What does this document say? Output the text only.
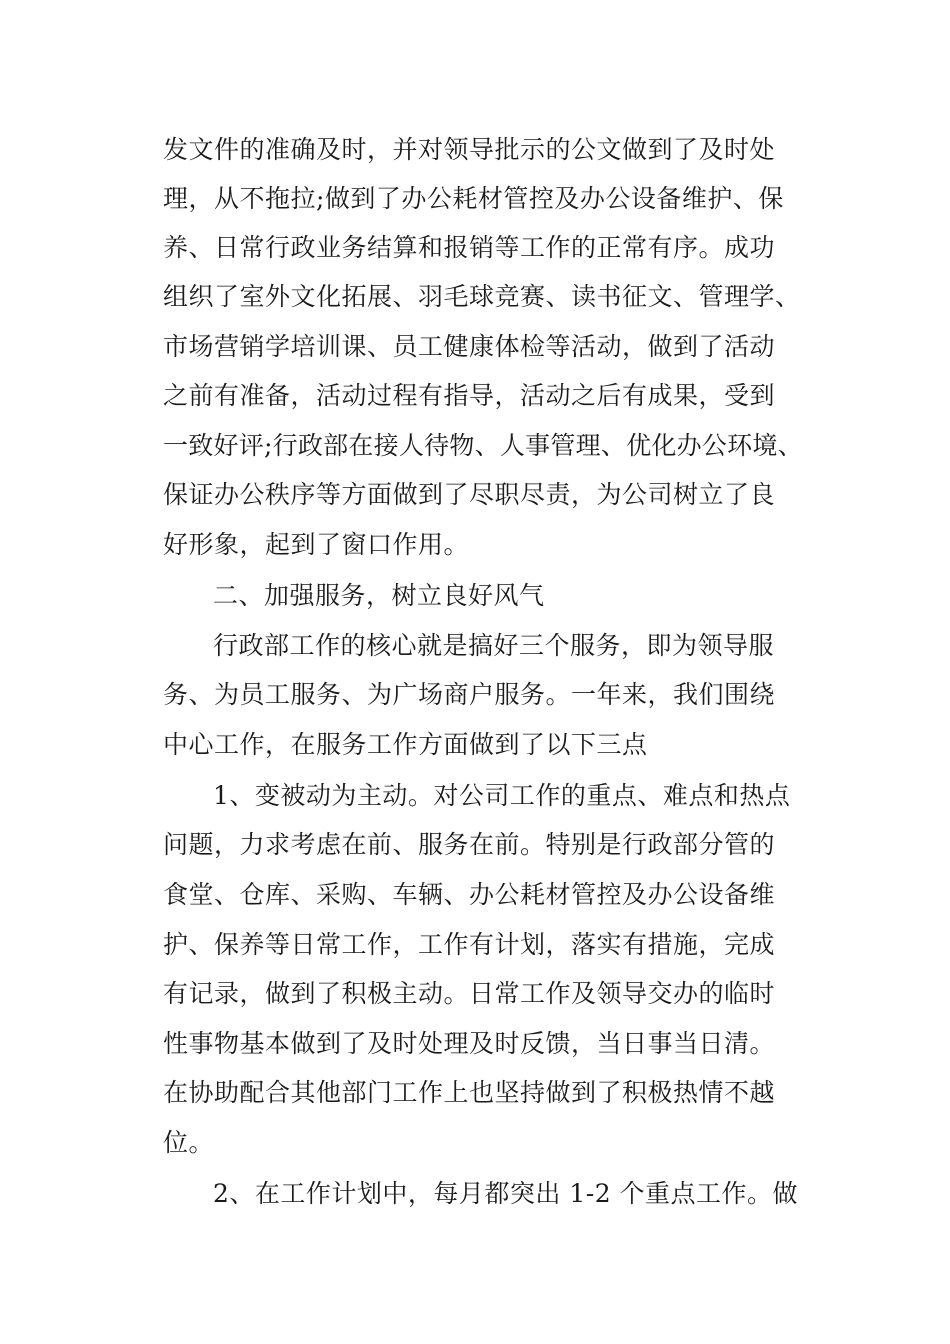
发文件的准确及时，并对领导批示的公文做到了及时处

理，从不拖拉;做到了办公耗材管控及办公设备维护、保

养、日常行政业务结算和报销等工作的正常有序。成功

组织了室外文化拓展、羽毛球竞赛、读书征文、管理学、

市场营销学培训课、员工健康体检等活动，做到了活动

之前有准备，活动过程有指导，活动之后有成果，受到

一致好评;行政部在接人待物、人事管理、优化办公环境、

保证办公秩序等方面做到了尽职尽责，为公司树立了良

好形象，起到了窗口作用。

二、加强服务，树立良好风气

行政部工作的核心就是搞好三个服务，即为领导服

务、为员工服务、为广场商户服务。一年来，我们围绕

中心工作，在服务工作方面做到了以下三点

1、变被动为主动。对公司工作的重点、难点和热点

问题，力求考虑在前、服务在前。特别是行政部分管的

食堂、仓库、采购、车辆、办公耗材管控及办公设备维

护、保养等日常工作，工作有计划，落实有措施，完成

有记录，做到了积极主动。日常工作及领导交办的临时

性事物基本做到了及时处理及时反馈，当日事当日清。

在协助配合其他部门工作上也坚持做到了积极热情不越

位。

2、在工作计划中，每月都突出 1-2 个重点工作。做
